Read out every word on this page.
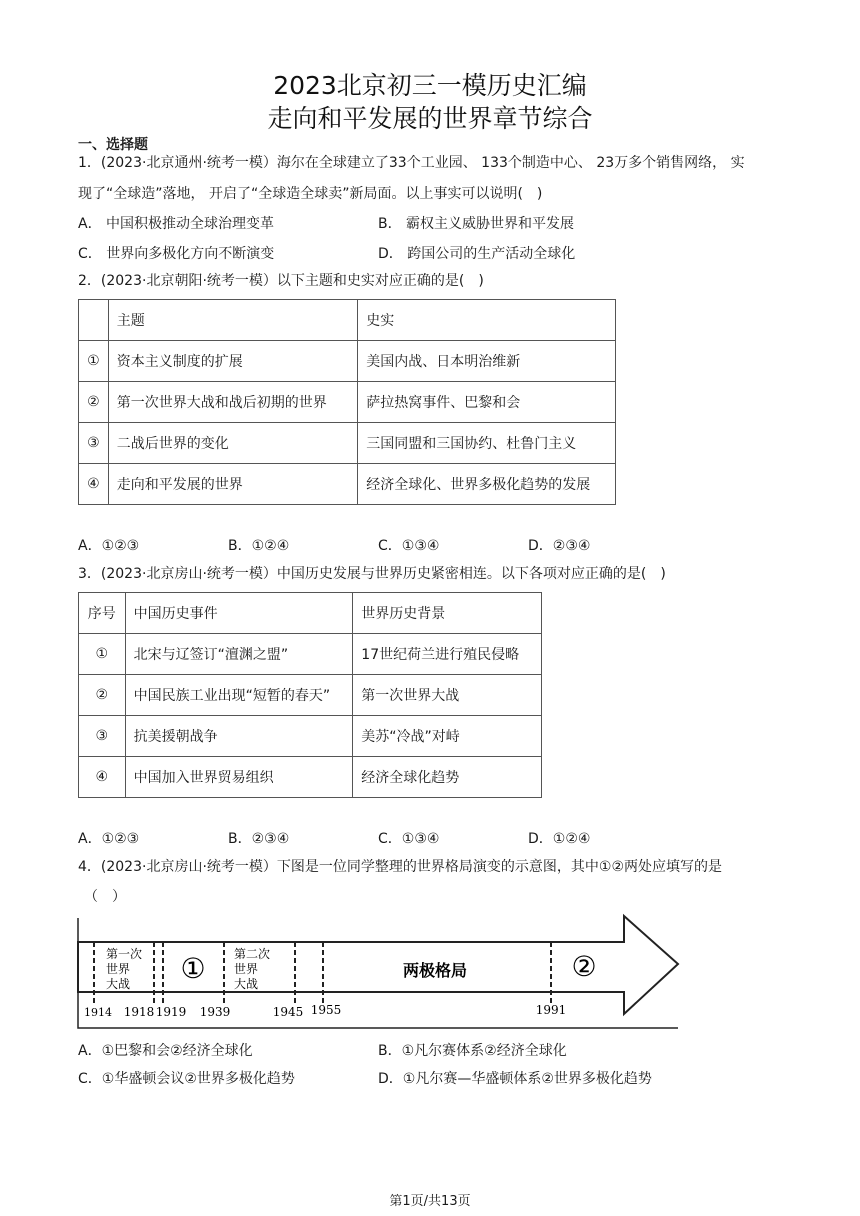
2023北京初三一模历史汇编
走向和平发展的世界章节综合
一、选择题
1．(2023·北京通州·统考一模）海尔在全球建立了33个工业园、 133个制造中心、 23万多个销售网络， 实
现了“全球造”落地， 开启了“全球造全球卖”新局面。以上事实可以说明(　)
A． 中国积极推动全球治理变革	B． 霸权主义威胁世界和平发展
C． 世界向多极化方向不断演变	D． 跨国公司的生产活动全球化
2．(2023·北京朝阳·统考一模）以下主题和史实对应正确的是(　)
	主题	史实
①	资本主义制度的扩展	美国内战、日本明治维新
②	第一次世界大战和战后初期的世界	萨拉热窝事件、巴黎和会
③	二战后世界的变化	三国同盟和三国协约、杜鲁门主义
④	走向和平发展的世界	经济全球化、世界多极化趋势的发展
A．①②③	B．①②④	C．①③④	D．②③④
3．(2023·北京房山·统考一模）中国历史发展与世界历史紧密相连。以下各项对应正确的是(　)
序号	中国历史事件	世界历史背景
①	北宋与辽签订“澶渊之盟”	17世纪荷兰进行殖民侵略
②	中国民族工业出现“短暂的春天”	第一次世界大战
③	抗美援朝战争	美苏“冷战”对峙
④	中国加入世界贸易组织	经济全球化趋势
A．①②③	B．②③④	C．①③④	D．①②④
4．(2023·北京房山·统考一模）下图是一位同学整理的世界格局演变的示意图，其中①②两处应填写的是
（　）
第一次
世界
大战 ① 第二次
世界
大战
两极格局	②
1914 1918 1919 1939	1945 1955	1991
A．①巴黎和会②经济全球化	B．①凡尔赛体系②经济全球化
C．①华盛顿会议②世界多极化趋势	D．①凡尔赛—华盛顿体系②世界多极化趋势
第1页/共13页
